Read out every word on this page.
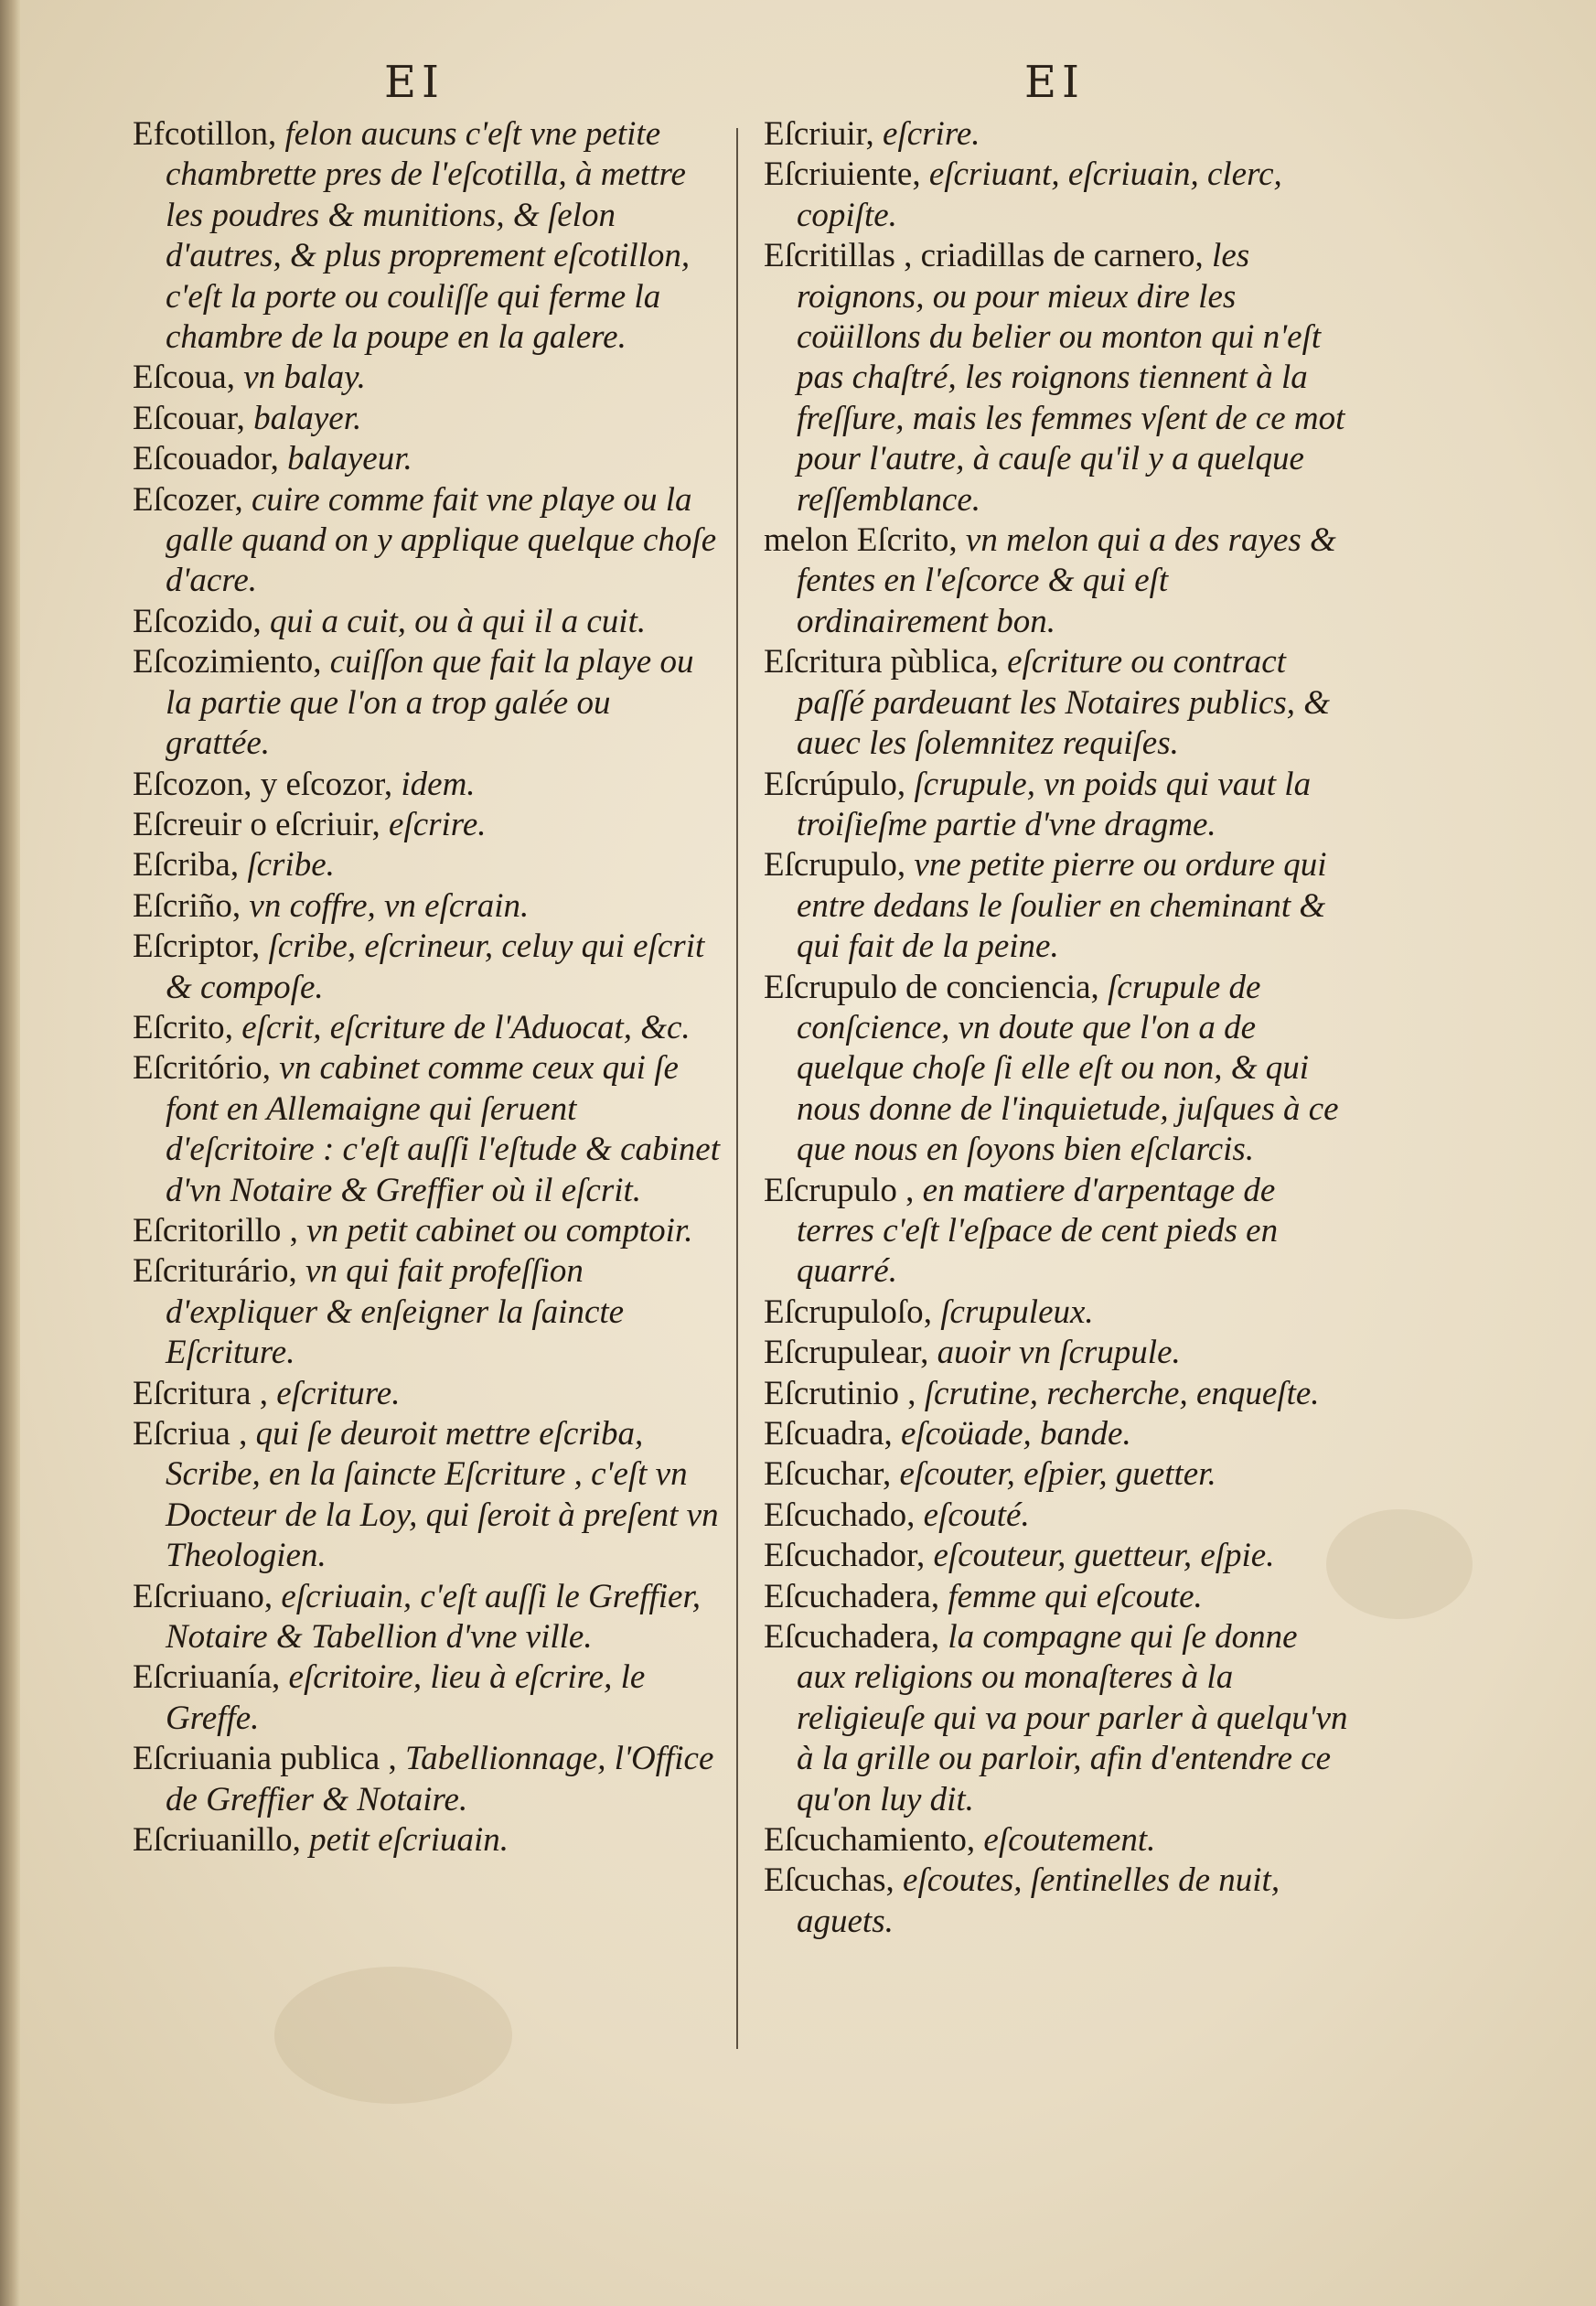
EI	EI

Efcotillon, felon aucuns c'eſt vne petite chambrette pres de l'eſcotilla, à mettre les poudres & munitions, & ſelon d'autres, & plus proprement eſcotillon, c'eſt la porte ou couliſſe qui ferme la chambre de la poupe en la galere.

Eſcoua, vn balay.

Eſcouar, balayer.

Eſcouador, balayeur.

Eſcozer, cuire comme fait vne playe ou la galle quand on y applique quelque choſe d'acre.

Eſcozido, qui a cuit, ou à qui il a cuit.

Eſcozimiento, cuiſſon que fait la playe ou la partie que l'on a trop galée ou grattée.

Eſcozon, y eſcozor, idem.

Eſcreuir o eſcriuir, eſcrire.

Eſcriba, ſcribe.

Eſcriño, vn coffre, vn eſcrain.

Eſcriptor, ſcribe, eſcrineur, celuy qui eſcrit & compoſe.

Eſcrito, eſcrit, eſcriture de l'Aduocat, &c.

Eſcritório, vn cabinet comme ceux qui ſe font en Allemaigne qui ſeruent d'eſcritoire : c'eſt auſſi l'eſtude & cabinet d'vn Notaire & Greffier où il eſcrit.

Eſcritorillo , vn petit cabinet ou comptoir.

Eſcriturário, vn qui fait profeſſion d'expliquer & enſeigner la ſaincte Eſcriture.

Eſcritura , eſcriture.

Eſcriua , qui ſe deuroit mettre eſcriba, Scribe, en la ſaincte Eſcriture , c'eſt vn Docteur de la Loy, qui ſeroit à preſent vn Theologien.

Eſcriuano, eſcriuain, c'eſt auſſi le Greffier, Notaire & Tabellion d'vne ville.

Eſcriuanía, eſcritoire, lieu à eſcrire, le Greffe.

Eſcriuania publica , Tabellionnage, l'Office de Greffier & Notaire.

Eſcriuanillo, petit eſcriuain.

Eſcriuir, eſcrire.

Eſcriuiente, eſcriuant, eſcriuain, clerc, copiſte.

Eſcritillas , criadillas de carnero, les roignons, ou pour mieux dire les coüillons du belier ou monton qui n'eſt pas chaſtré, les roignons tiennent à la freſſure, mais les femmes vſent de ce mot pour l'autre, à cauſe qu'il y a quelque reſſemblance.

melon Eſcrito, vn melon qui a des rayes & fentes en l'eſcorce & qui eſt ordinairement bon.

Eſcritura pùblica, eſcriture ou contract paſſé pardeuant les Notaires publics, & auec les ſolemnitez requiſes.

Eſcrúpulo, ſcrupule, vn poids qui vaut la troiſieſme partie d'vne dragme.

Eſcrupulo, vne petite pierre ou ordure qui entre dedans le ſoulier en cheminant & qui fait de la peine.

Eſcrupulo de conciencia, ſcrupule de conſcience, vn doute que l'on a de quelque choſe ſi elle eſt ou non, & qui nous donne de l'inquietude, juſques à ce que nous en ſoyons bien eſclarcis.

Eſcrupulo , en matiere d'arpentage de terres c'eſt l'eſpace de cent pieds en quarré.

Eſcrupuloſo, ſcrupuleux.

Eſcrupulear, auoir vn ſcrupule.

Eſcrutinio , ſcrutine, recherche, enqueſte.

Eſcuadra, eſcoüade, bande.

Eſcuchar, eſcouter, eſpier, guetter.

Eſcuchado, eſcouté.

Eſcuchador, eſcouteur, guetteur, eſpie.

Eſcuchadera, femme qui eſcoute.

Eſcuchadera, la compagne qui ſe donne aux religions ou monaſteres à la religieuſe qui va pour parler à quelqu'vn à la grille ou parloir, afin d'entendre ce qu'on luy dit.

Eſcuchamiento, eſcoutement.

Eſcuchas, eſcoutes, ſentinelles de nuit, aguets.
